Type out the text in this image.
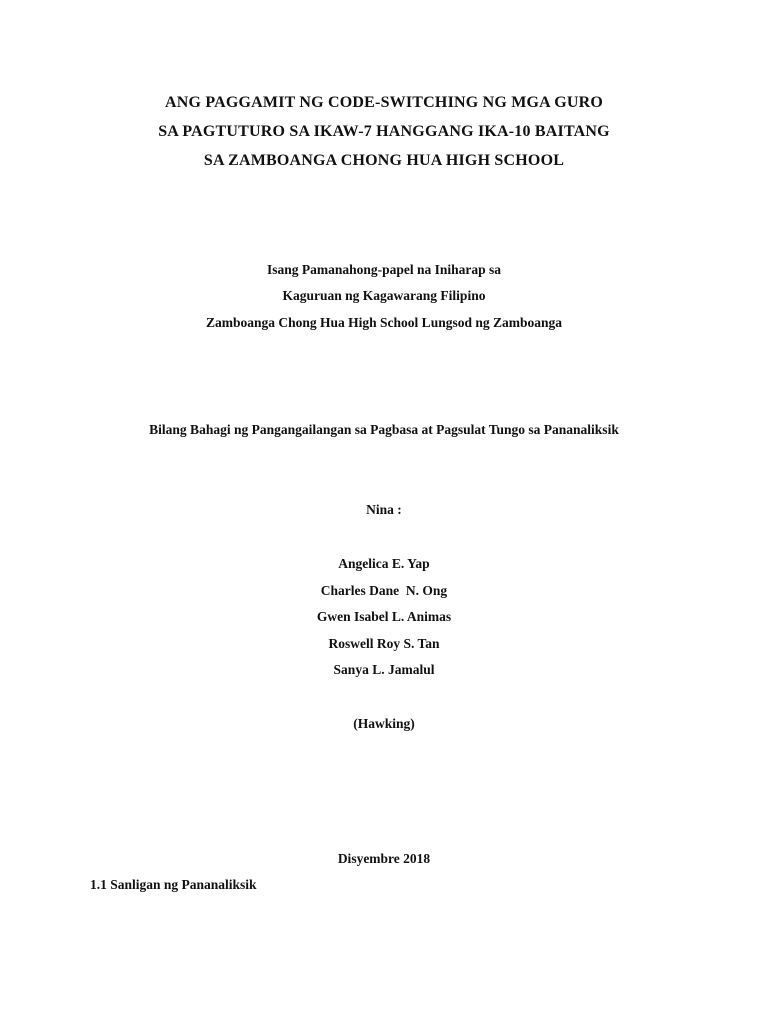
ANG PAGGAMIT NG CODE-SWITCHING NG MGA GURO

SA PAGTUTURO SA IKAW-7 HANGGANG IKA-10 BAITANG

SA ZAMBOANGA CHONG HUA HIGH SCHOOL

Isang Pamanahong-papel na Iniharap sa

Kaguruan ng Kagawarang Filipino

Zamboanga Chong Hua High School Lungsod ng Zamboanga

Bilang Bahagi ng Pangangailangan sa Pagbasa at Pagsulat Tungo sa Pananaliksik

Nina :

Angelica E. Yap

Charles Dane  N. Ong

Gwen Isabel L. Animas

Roswell Roy S. Tan

Sanya L. Jamalul

(Hawking)

Disyembre 2018

1.1 Sanligan ng Pananaliksik
